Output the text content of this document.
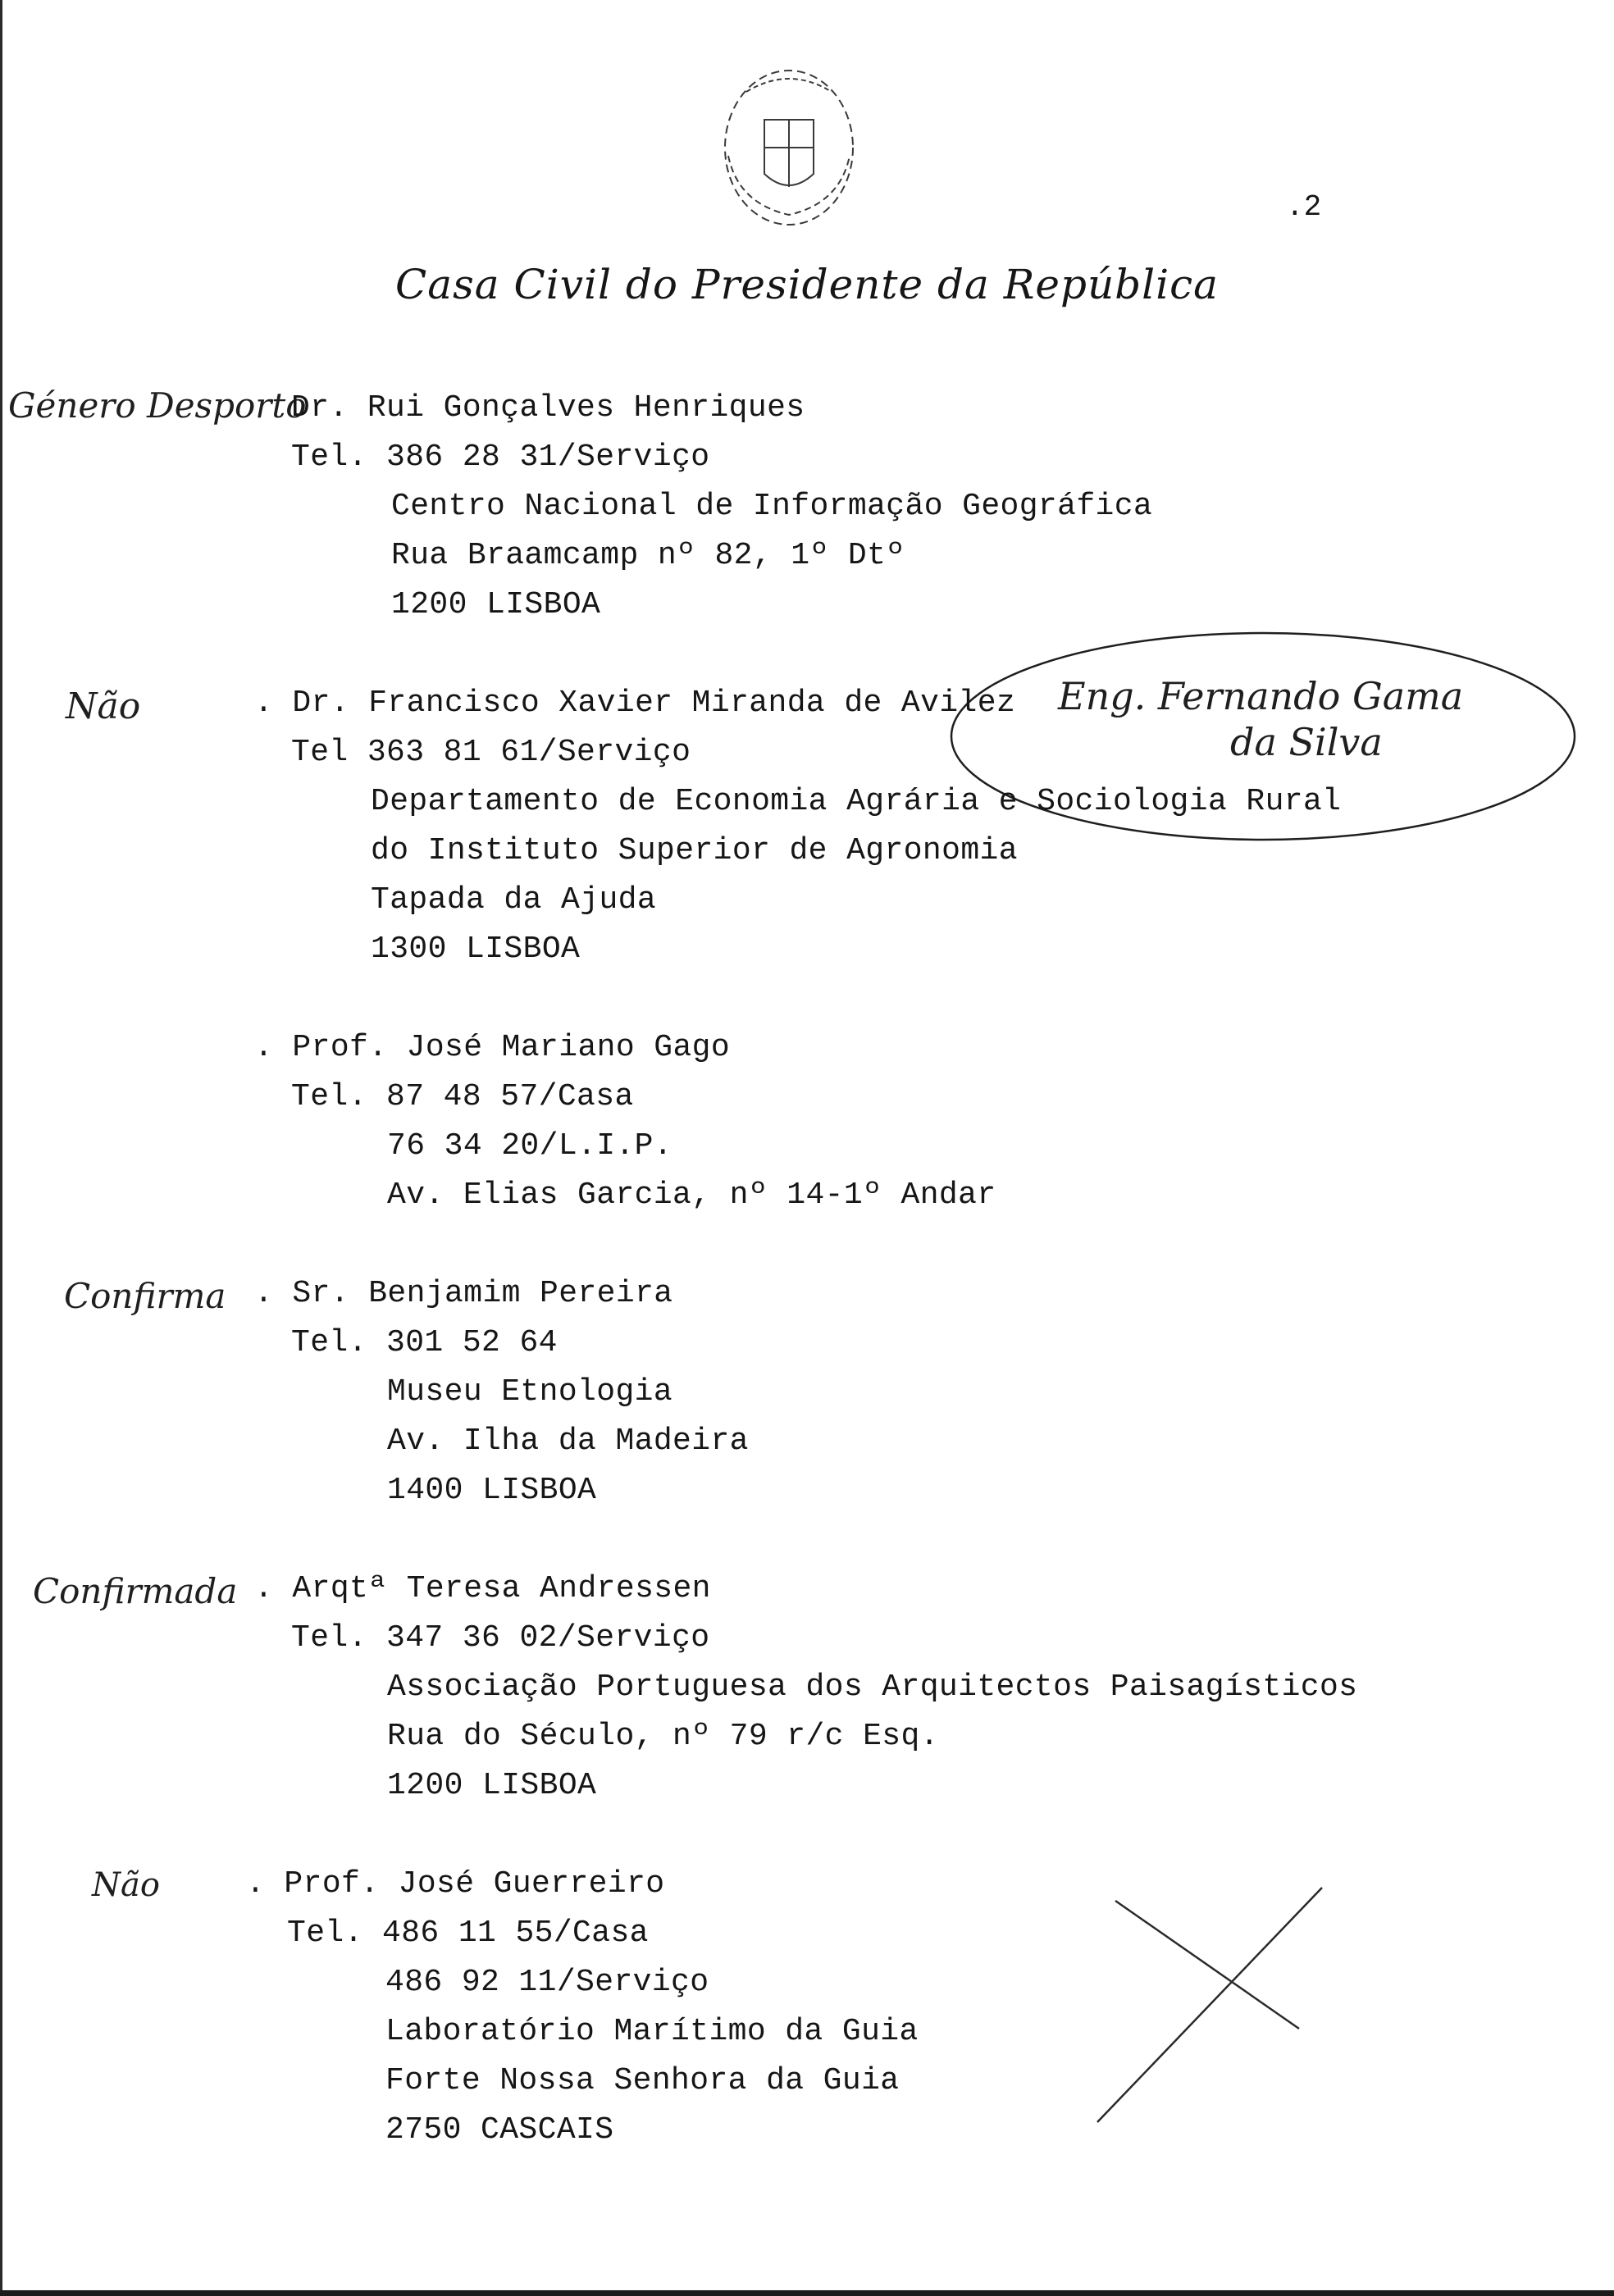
.2
Casa Civil do Presidente da República
Género Desporto
Dr. Rui Gonçalves Henriques
Tel. 386 28 31/Serviço
Centro Nacional de Informação Geográfica
Rua Braamcamp nº 82, 1º Dtº
1200 LISBOA
Não	. Dr. Francisco Xavier Miranda de Avilez
Tel 363 81 61/Serviço
Departamento de Economia Agrária e Sociologia Rural
do Instituto Superior de Agronomia
Tapada da Ajuda
1300 LISBOA
Eng. Fernando Gama
da Silva
. Prof. José Mariano Gago
Tel. 87 48 57/Casa
76 34 20/L.I.P.
Av. Elias Garcia, nº 14-1º Andar
Confirma . Sr. Benjamim Pereira
Tel. 301 52 64
Museu Etnologia
Av. Ilha da Madeira
1400 LISBOA
Confirmada . Arqtª Teresa Andressen
Tel. 347 36 02/Serviço
Associação Portuguesa dos Arquitectos Paisagísticos
Rua do Século, nº 79 r/c Esq.
1200 LISBOA
Não	. Prof. José Guerreiro
Tel. 486 11 55/Casa
486 92 11/Serviço
Laboratório Marítimo da Guia
Forte Nossa Senhora da Guia
2750 CASCAIS
